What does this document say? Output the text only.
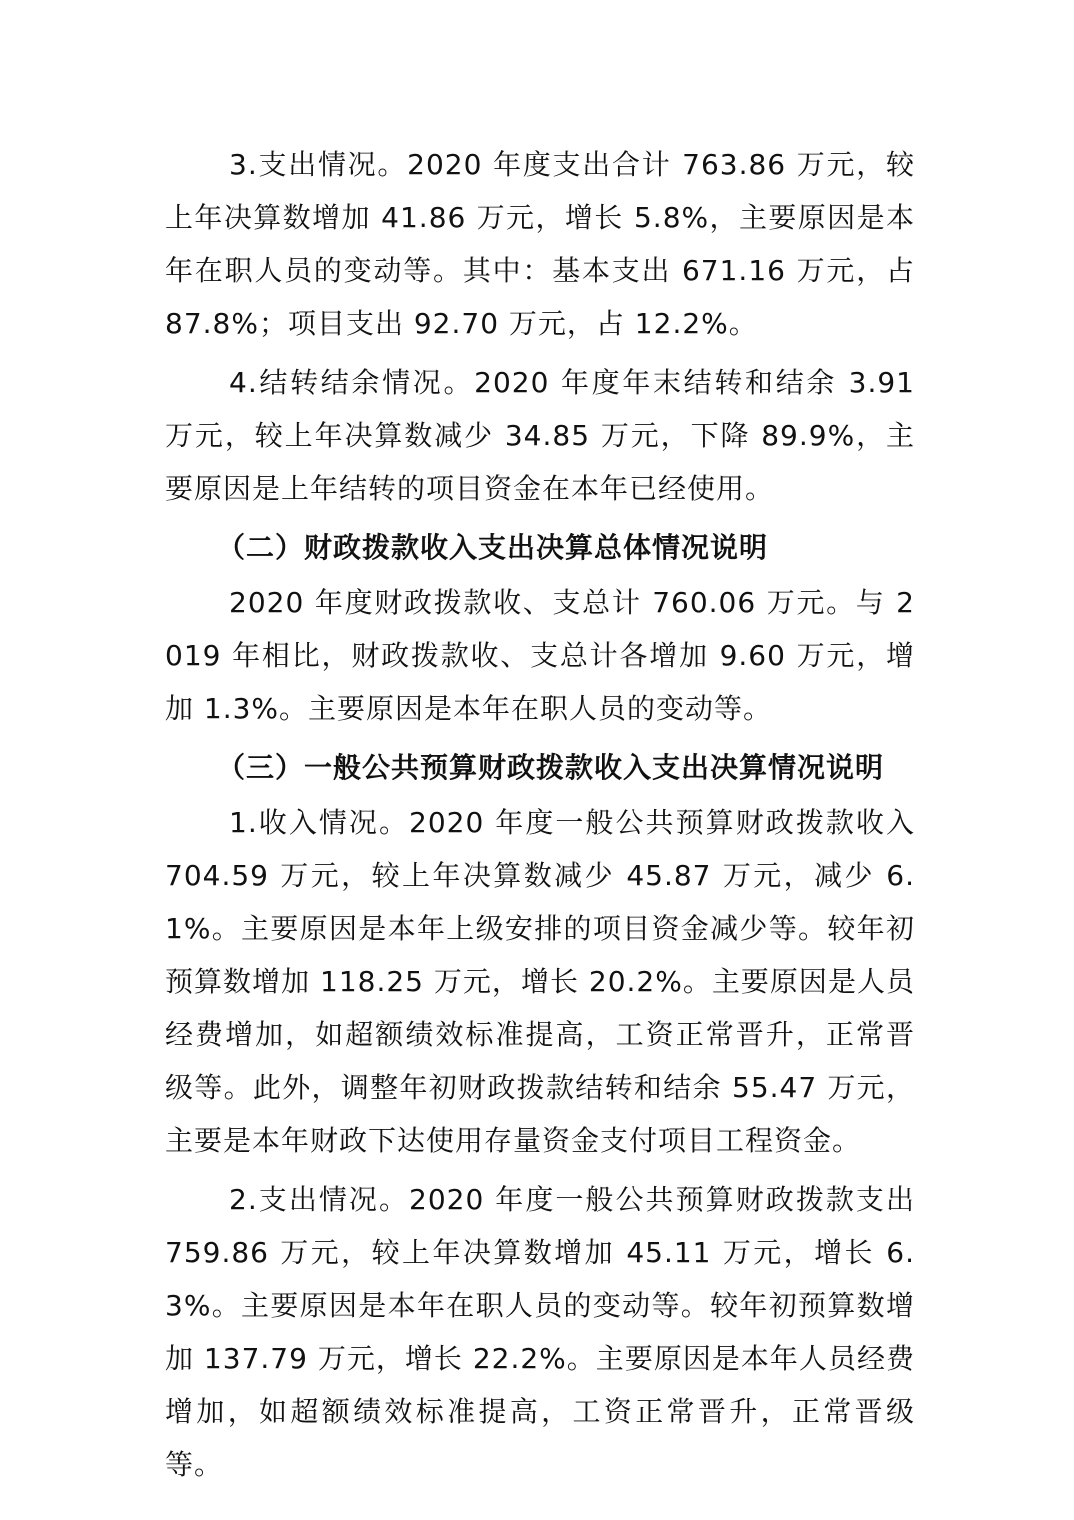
3.支出情况。2020 年度支出合计 763.86 万元，较上年决算数增加 41.86 万元，增长 5.8%，主要原因是本年在职人员的变动等。其中：基本支出 671.16 万元，占 87.8%；项目支出 92.70 万元，占 12.2%。

4.结转结余情况。2020 年度年末结转和结余 3.91 万元，较上年决算数减少 34.85 万元，下降 89.9%，主要原因是上年结转的项目资金在本年已经使用。

（二）财政拨款收入支出决算总体情况说明

2020 年度财政拨款收、支总计 760.06 万元。与 2019 年相比，财政拨款收、支总计各增加 9.60 万元，增加 1.3%。主要原因是本年在职人员的变动等。

（三）一般公共预算财政拨款收入支出决算情况说明

1.收入情况。2020 年度一般公共预算财政拨款收入 704.59 万元，较上年决算数减少 45.87 万元，减少 6.1%。主要原因是本年上级安排的项目资金减少等。较年初预算数增加 118.25 万元，增长 20.2%。主要原因是人员经费增加，如超额绩效标准提高，工资正常晋升，正常晋级等。此外，调整年初财政拨款结转和结余 55.47 万元，主要是本年财政下达使用存量资金支付项目工程资金。

2.支出情况。2020 年度一般公共预算财政拨款支出 759.86 万元，较上年决算数增加 45.11 万元，增长 6.3%。主要原因是本年在职人员的变动等。较年初预算数增加 137.79 万元，增长 22.2%。主要原因是本年人员经费增加，如超额绩效标准提高，工资正常晋升，正常晋级等。
